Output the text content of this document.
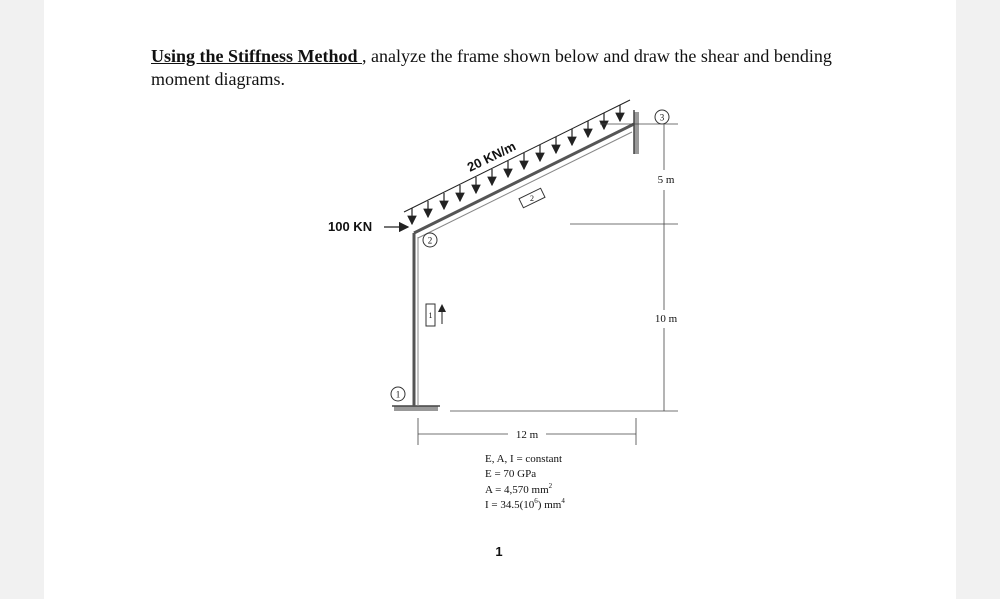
Using the Stiffness Method , analyze the frame shown below and draw the shear and bending
moment diagrams.
20 KN/m
100 KN
2
1
3
1
2
12 m
5 m
10 m
E, A, I = constant
E = 70 GPa
A = 4,570 $mm^2$
$I = 34.5(10^6)$ $mm^4$
1
